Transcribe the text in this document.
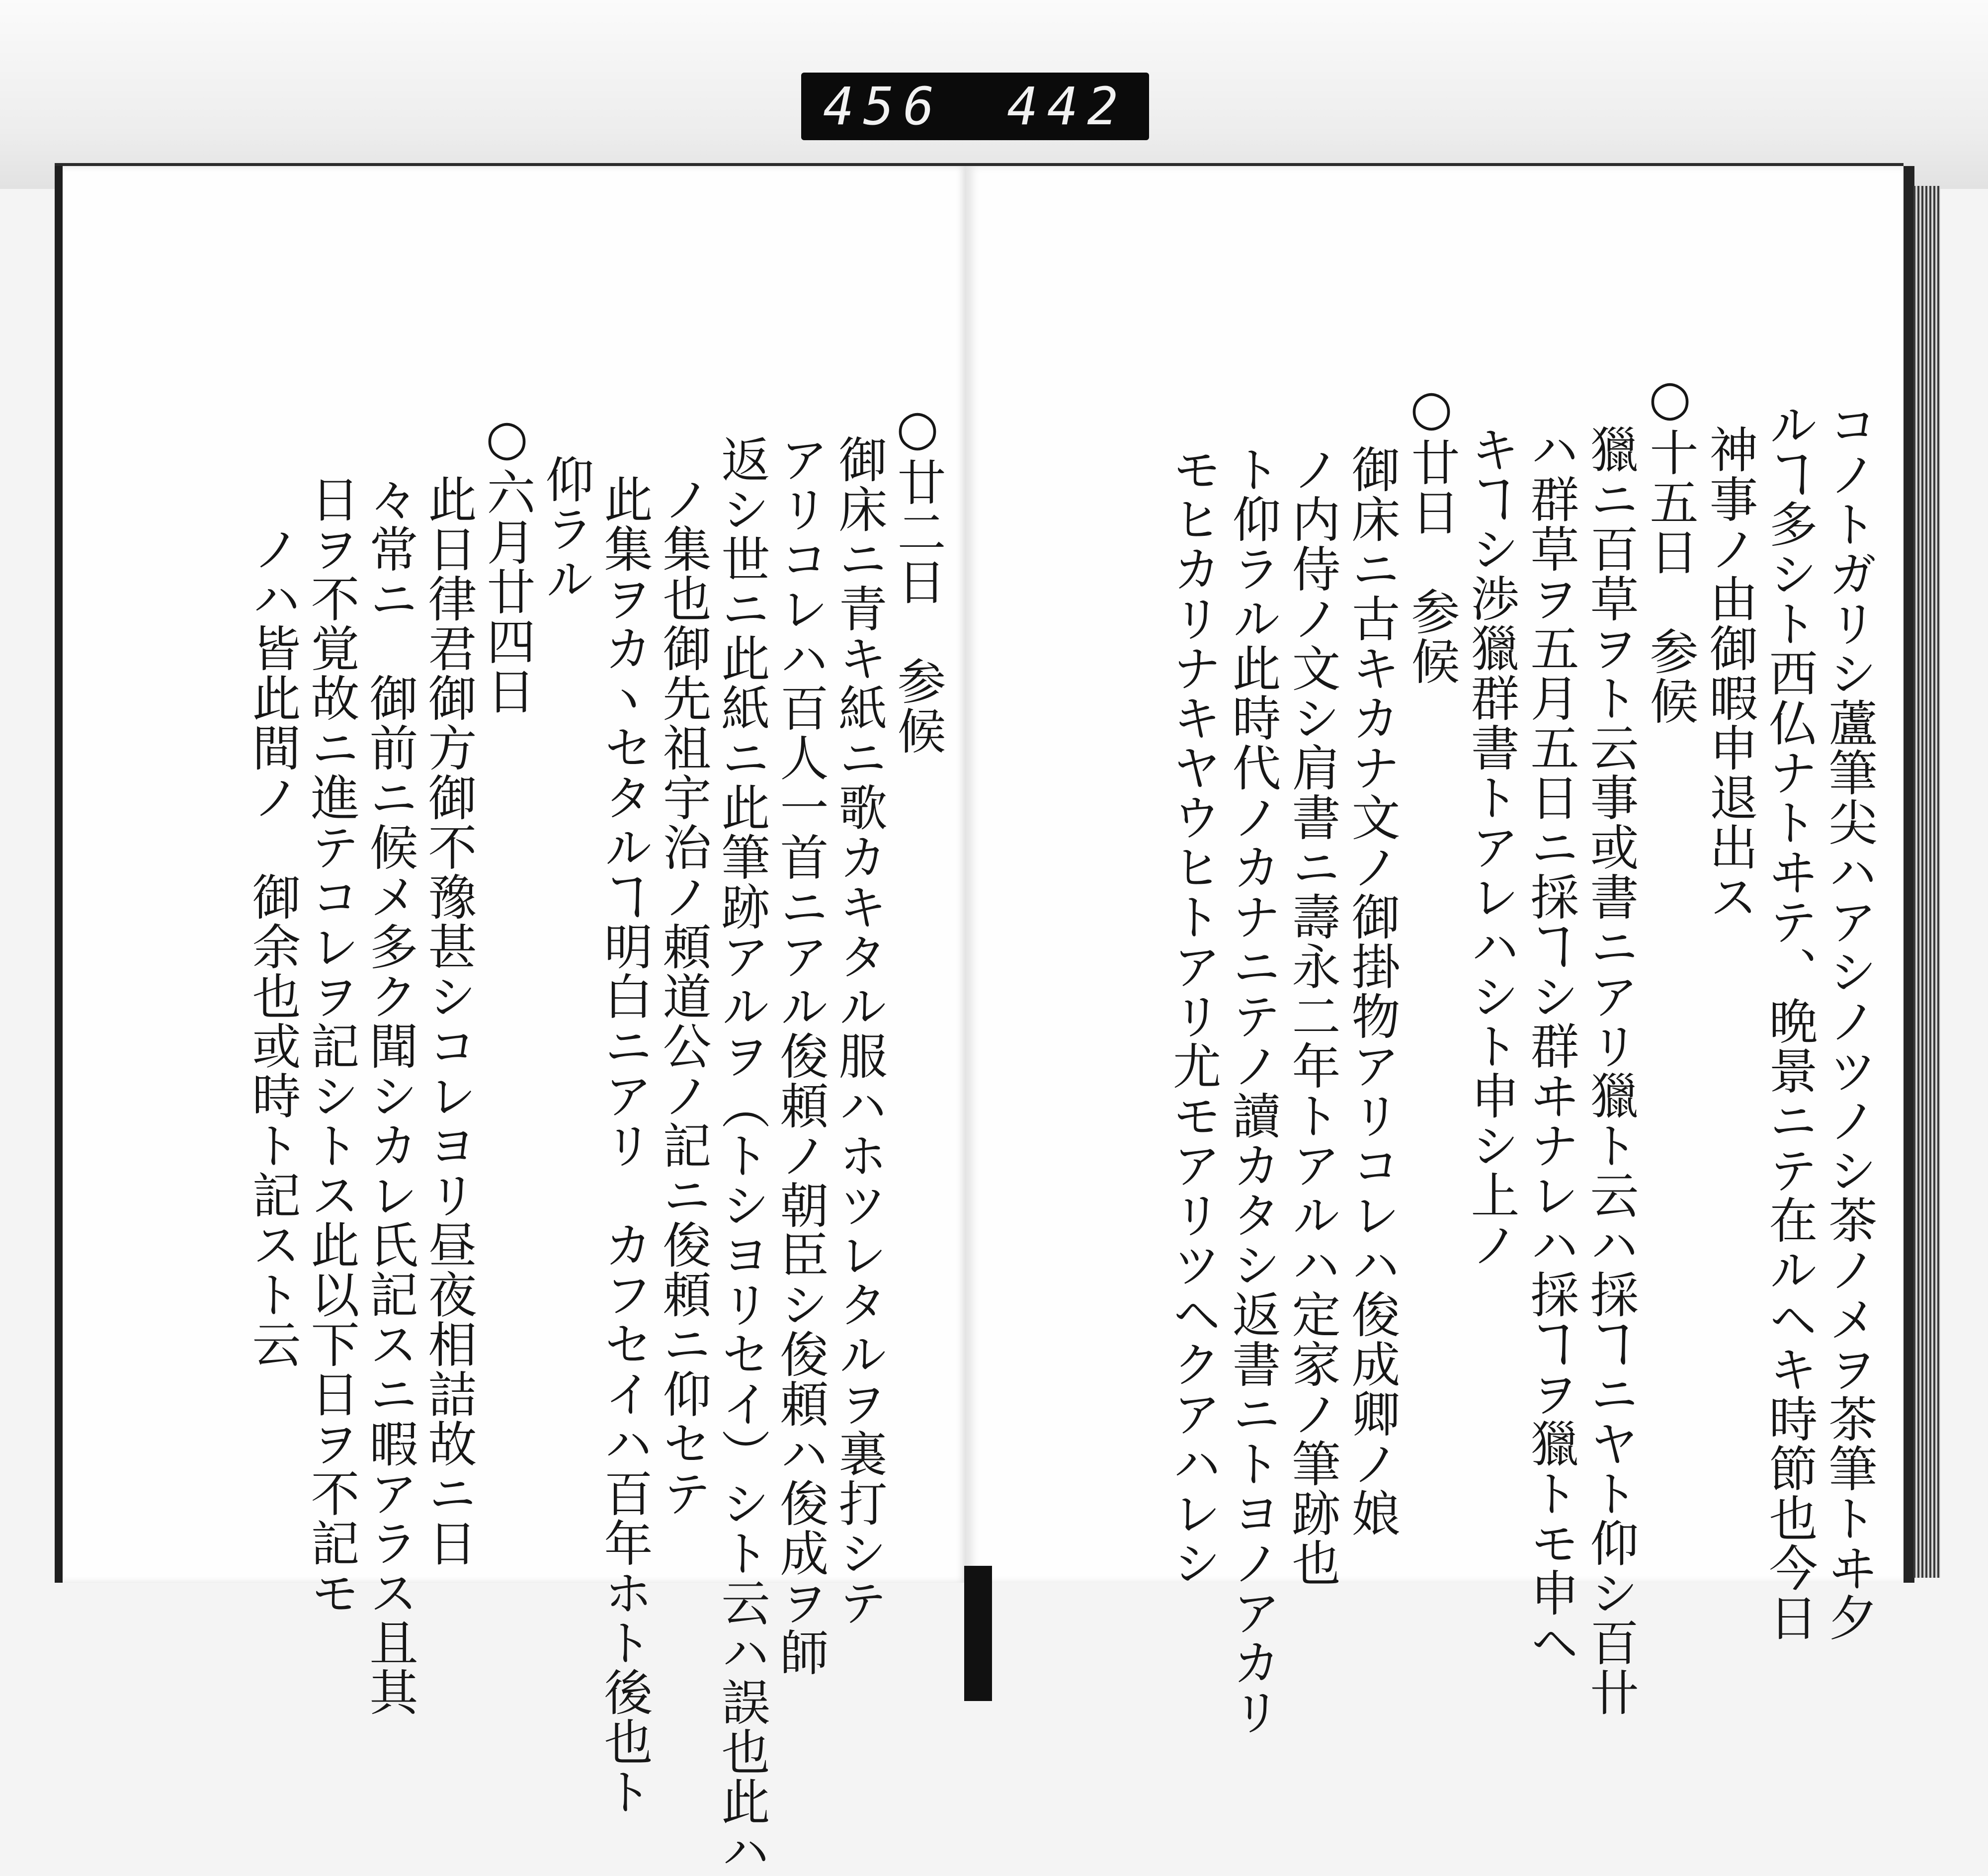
456 442
○廿二日　参候
御床ニ青キ紙ニ歌カキタル服ハホツレタルヲ裏打シテ
アリコレハ百人一首ニアル俊頼ノ朝臣シ俊頼ハ俊成ヲ師
返シ世ニ此紙ニ此筆跡アルヲ（トシヨリセイ）シト云ハ誤也此ハ
ノ集也御先祖宇治ノ頼道公ノ記ニ俊頼ニ仰セテ
此集ヲカヽセタルヿ明白ニアリ　カフセイハ百年ホト後也ト
仰ラル
○六月廿四日
此日律君御方御不豫甚シコレヨリ昼夜相詰故ニ日
々常ニ　御前ニ候メ多ク聞シカレ氏記スニ暇アラス且其
日ヲ不覚故ニ進テコレヲ記シトス此以下日ヲ不記モ
ノハ皆此間ノ　御余也或時ト記スト云	コノトガリシ蘆筆尖ハアシノツノシ茶ノメヲ茶筆トヰ夕
ルヿ多シト西仏ナトヰテ、晩景ニテ在ルヘキ時節也今日
神事ノ由御暇申退出ス
○十五日　参候
獵ニ百草ヲト云事或書ニアリ獵ト云ハ採ヿニヤト仰シ百卄
ハ群草ヲ五月五日ニ採ヿシ群ヰナレハ採ヿヲ獵トモ申ヘ
キヿシ渉獵群書トアレハシト申シ上ノ
○廿日　参候
御床ニ古キカナ文ノ御掛物アリコレハ俊成卿ノ娘
ノ内侍ノ文シ肩書ニ壽永二年トアルハ定家ノ筆跡也
ト仰ラル此時代ノカナニテノ讀カタシ返書ニトヨノアカリ
モヒカリナキヤウヒトアリ尤モアリツヘクアハレシ
